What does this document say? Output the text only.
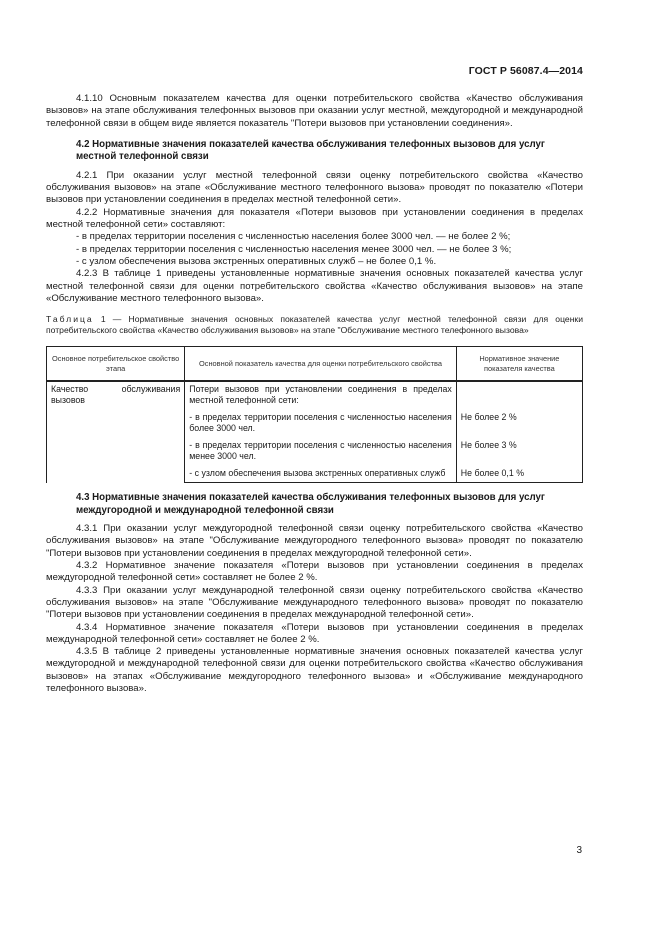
ГОСТ Р 56087.4—2014

4.1.10 Основным показателем качества для оценки потребительского свойства «Качество обслуживания вызовов» на этапе обслуживания телефонных вызовов при оказании услуг местной, междугородной и международной телефонной связи в общем виде является показатель "Потери вызовов при установлении соединения».

4.2 Нормативные значения показателей качества обслуживания телефонных вызовов для услуг местной телефонной связи

4.2.1 При оказании услуг местной телефонной связи оценку потребительского свойства «Качество обслуживания вызовов» на этапе «Обслуживание местного телефонного вызова» проводят по показателю «Потери вызовов при установлении соединения в пределах местной телефонной сети».

4.2.2 Нормативные значения для показателя «Потери вызовов при установлении соединения в пределах местной телефонной сети» составляют:

- в пределах территории поселения с численностью населения более 3000 чел. — не более 2 %;

- в пределах территории поселения с численностью населения менее 3000 чел. — не более 3 %;

- с узлом обеспечения вызова экстренных оперативных служб – не более 0,1 %.

4.2.3 В таблице 1 приведены установленные нормативные значения основных показателей качества услуг местной телефонной связи для оценки потребительского свойства «Качество обслуживания вызовов» на этапе «Обслуживание местного телефонного вызова».

Таблица 1 — Нормативные значения основных показателей качества услуг местной телефонной связи для оценки потребительского свойства «Качество обслуживания вызовов» на этапе "Обслуживание местного телефонного вызова»

Основное потребительское свойство этапа	Основной показатель качества для оценки потребительского свойства	Нормативное значение показателя качества

Качество обслуживания вызовов	Потери вызовов при установлении соединения в пределах местной телефонной сети:	

	- в пределах территории поселения с численностью населения более 3000 чел.	Не более 2 %

	- в пределах территории поселения с численностью населения менее 3000 чел.	Не более 3 %

	- с узлом обеспечения вызова экстренных оперативных служб	Не более 0,1 %

4.3 Нормативные значения показателей качества обслуживания телефонных вызовов для услуг междугородной и международной телефонной связи

4.3.1 При оказании услуг междугородной телефонной связи оценку потребительского свойства «Качество обслуживания вызовов» на этапе "Обслуживание междугородного телефонного вызова» проводят по показателю "Потери вызовов при установлении соединения в пределах междугородной телефонной сети».

4.3.2 Нормативное значение показателя «Потери вызовов при установлении соединения в пределах междугородной телефонной сети» составляет не более 2 %.

4.3.3 При оказании услуг международной телефонной связи оценку потребительского свойства «Качество обслуживания вызовов» на этапе "Обслуживание международного телефонного вызова» проводят по показателю "Потери вызовов при установлении соединения в пределах международной телефонной сети».

4.3.4 Нормативное значение показателя «Потери вызовов при установлении соединения в пределах международной телефонной сети» составляет не более 2 %.

4.3.5 В таблице 2 приведены установленные нормативные значения основных показателей качества услуг междугородной и международной телефонной связи для оценки потребительского свойства «Качество обслуживания вызовов» на этапах «Обслуживание междугородного телефонного вызова» и «Обслуживание международного телефонного вызова».

3
